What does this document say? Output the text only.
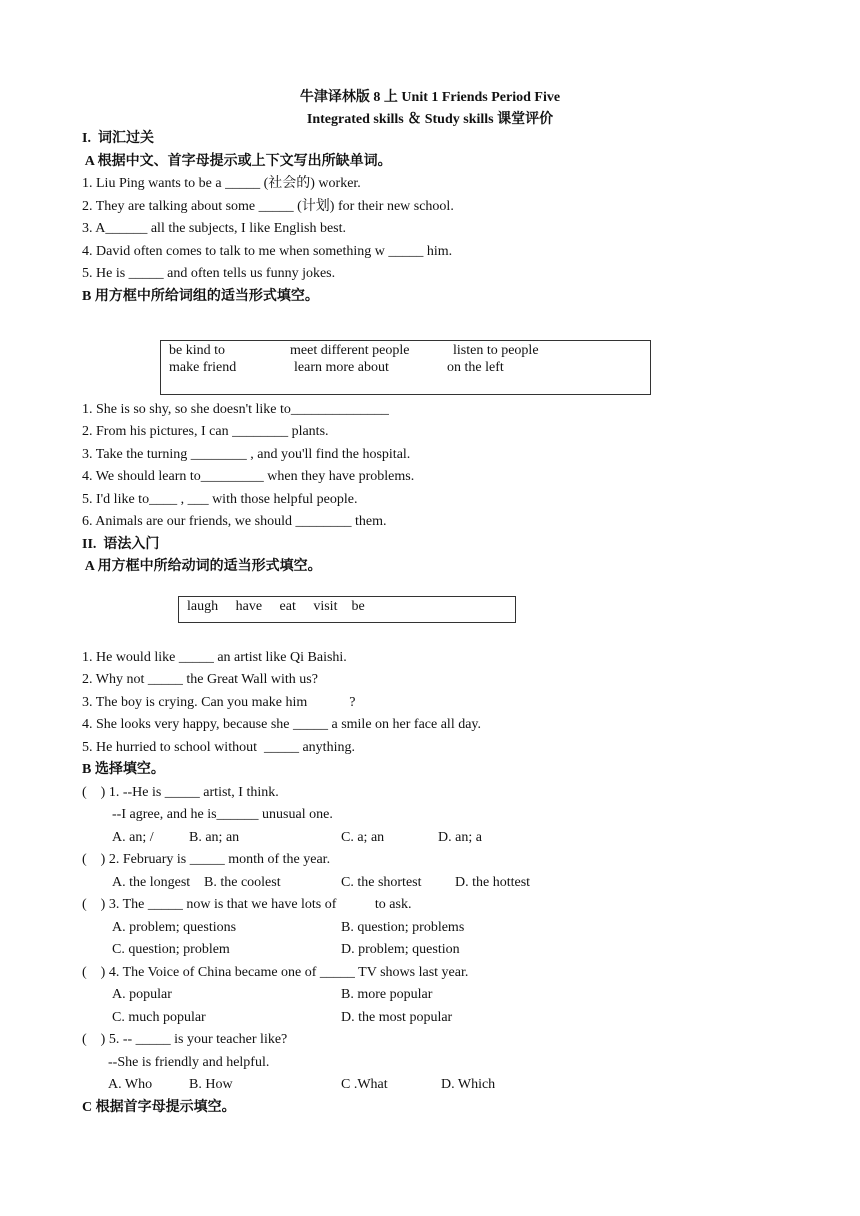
牛津译林版 8 上 Unit 1 Friends Period Five
Integrated skills ＆ Study skills 课堂评价
I.  词汇过关
A 根据中文、首字母提示或上下文写出所缺单词。
1. Liu Ping wants to be a _____ (社会的) worker.
2. They are talking about some _____ (计划) for their new school.
3. A______ all the subjects, I like English best.
4. David often comes to talk to me when something w _____ him.
5. He is _____ and often tells us funny jokes.
B 用方框中所给词组的适当形式填空。
be kind to	meet different people	listen to people
make friend	learn more about	on the left
1. She is so shy, so she doesn't like to______________
2. From his pictures, I can ________ plants.
3. Take the turning ________ , and you'll find the hospital.
4. We should learn to_________ when they have problems.
5. I'd like to____ , ___ with those helpful people.
6. Animals are our friends, we should ________ them.
II.  语法入门
A 用方框中所给动词的适当形式填空。
laugh     have     eat     visit    be
1. He would like _____ an artist like Qi Baishi.
2. Why not _____ the Great Wall with us?
3. The boy is crying. Can you make him            ?
4. She looks very happy, because she _____ a smile on her face all day.
5. He hurried to school without  _____ anything.
B 选择填空。
(    ) 1. --He is _____ artist, I think.
--I agree, and he is______ unusual one.
A. an; /	B. an; an	C. a; an	D. an; a
(    ) 2. February is _____ month of the year.
A. the longest B. the coolest	C. the shortest D. the hottest
(    ) 3. The _____ now is that we have lots of           to ask.
A. problem; questions	B. question; problems
C. question; problem	D. problem; question
(    ) 4. The Voice of China became one of _____ TV shows last year.
A. popular	B. more popular
C. much popular	D. the most popular
(    ) 5. -- _____ is your teacher like?
--She is friendly and helpful.
A. Who	B. How	C .What	D. Which
C 根据首字母提示填空。
